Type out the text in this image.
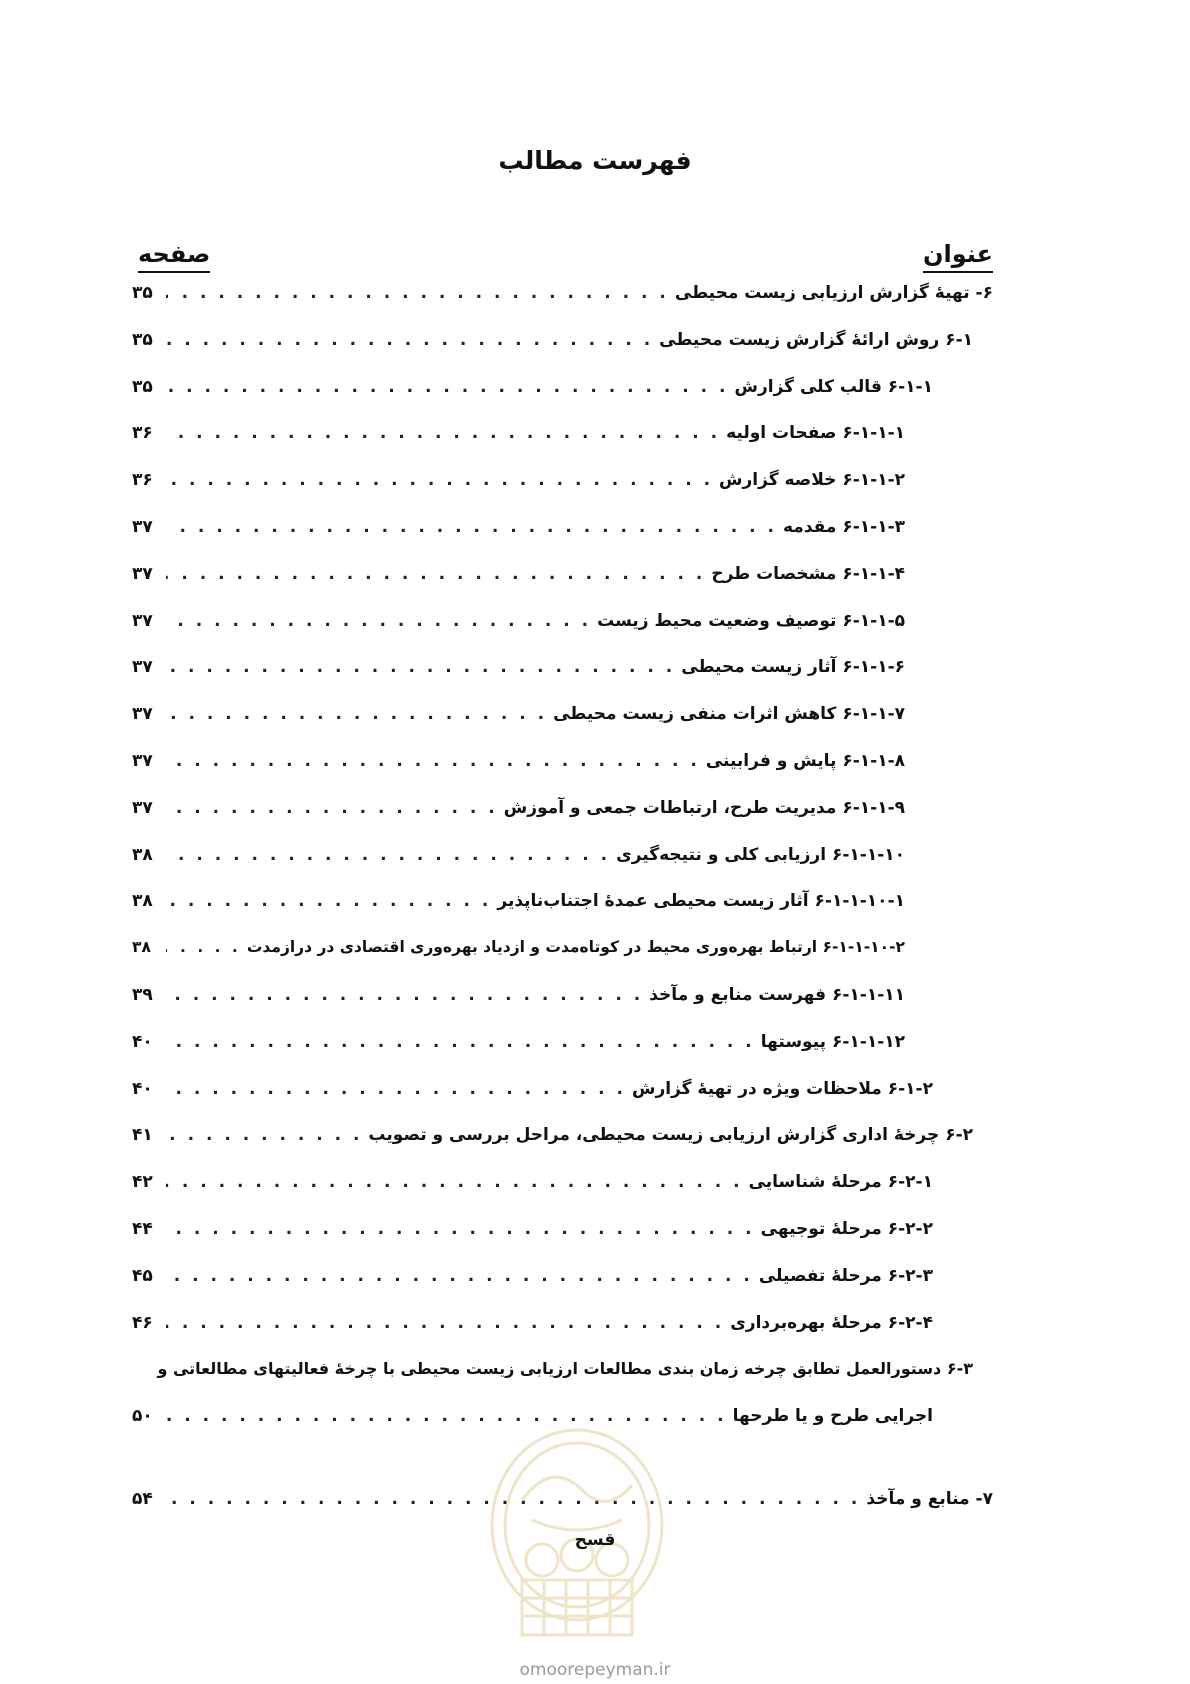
فهرست مطالب
عنوان
صفحه
۶- تهیۀ گزارش ارزیابی زیست محیطی
. . .
۳۵
۶-۱ روش ارائۀ گزارش زیست محیطی
. . .
۳۵
۶-۱-۱ قالب کلی گزارش
. . .
۳۵
۶-۱-۱-۱ صفحات اولیه
. . .
۳۶
۶-۱-۱-۲ خلاصه گزارش
. . .
۳۶
۶-۱-۱-۳ مقدمه
. . .
۳۷
۶-۱-۱-۴ مشخصات طرح
. . .
۳۷
۶-۱-۱-۵ توصیف وضعیت محیط زیست
. . .
۳۷
۶-۱-۱-۶ آثار زیست محیطی
. . .
۳۷
۶-۱-۱-۷ کاهش اثرات منفی زیست محیطی
. . .
۳۷
۶-۱-۱-۸ پایش و فرابینی
. . .
۳۷
۶-۱-۱-۹ مدیریت طرح، ارتباطات جمعی و آموزش
. . .
۳۷
۶-۱-۱-۱۰ ارزیابی کلی و نتیجه‌گیری
. . .
۳۸
۶-۱-۱-۱۰-۱ آثار زیست محیطی عمدۀ اجتناب‌ناپذیر
. . .
۳۸
۶-۱-۱-۱۰-۲ ارتباط بهره‌وری محیط در کوتاه‌مدت و ازدیاد بهره‌وری اقتصادی در درازمدت
. . .
۳۸
۶-۱-۱-۱۱ فهرست منابع و مآخذ
. . .
۳۹
۶-۱-۱-۱۲ پیوستها
. . .
۴۰
۶-۱-۲ ملاحظات ویژه در تهیۀ گزارش
. . .
۴۰
۶-۲ چرخۀ اداری گزارش ارزیابی زیست محیطی، مراحل بررسی و تصویب
. . .
۴۱
۶-۲-۱ مرحلۀ شناسایی
. . .
۴۲
۶-۲-۲ مرحلۀ توجیهی
. . .
۴۴
۶-۲-۳ مرحلۀ تفصیلی
. . .
۴۵
۶-۲-۴ مرحلۀ بهره‌برداری
. . .
۴۶
۶-۳ دستورالعمل تطابق چرخه زمان بندی مطالعات ارزیابی زیست محیطی با چرخۀ فعالیتهای مطالعاتی و
اجرایی طرح و یا طرحها
. . .
۵۰
۷- منابع و مآخذ
. . .
۵۴
قسح
omoorepeyman.ir
